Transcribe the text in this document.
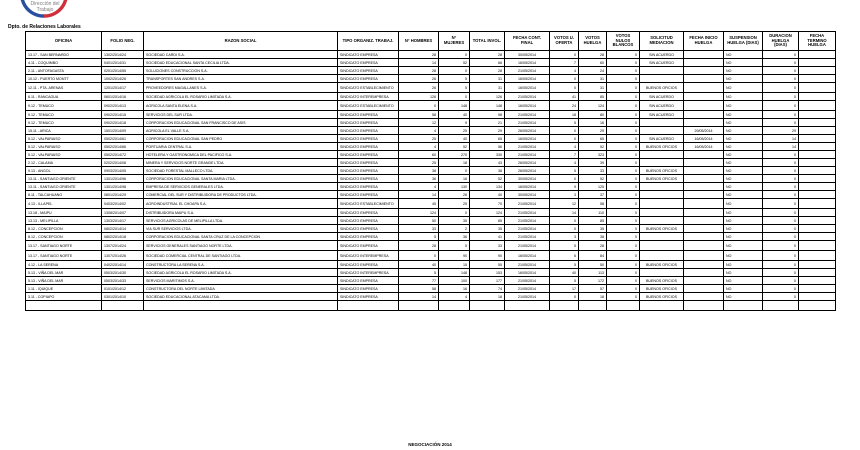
Dirección del
Trabajo
Dpto. de Relaciones Laborales
OFICINA	FOLIO NEG.	RAZON SOCIAL	TIPO ORGANIZ. TRABAJ.	N° HOMBRES	N° MUJERES	TOTAL INVOL.	FECHA CONT. FINAL	VOTOS U. OFERTA	VOTOS HUELGA	VOTOS NULOS BLANCOS	SOLICITUD MEDIACION	FECHA INICIO HUELGA	SUSPENSION HUELGA (DIAS)	DURACION HUELGA (DIAS)	FECHA TERMINO HUELGA
13.17 - SAN BERNARDO	1302/2014/24	SOCIEDAD CARDI S.A.	SINDICATO EMPRESA	28	0	28	30/05/2014	0	28	0	SIN ACUERDO		NO	0	
4.11 - COQUIMBO	0401/2014/31	SOCIEDAD EDUCACIONAL SANTA CECILIA LTDA.	SINDICATO EMPRESA	14	52	66	16/05/2014	7	60	0	SIN ACUERDO		NO	0	
2.11 - ANTOFAGASTA	0201/2014/55	SOLUCIONES CONSTRUCCION S.A.	SINDICATO EMPRESA	28	0	28	21/05/2014	4	24	0			NO	0	
10.12 - PUERTO MONTT	1002/2014/26	TRANSPORTES SAN ANDRES S.A.	SINDICATO EMPRESA	26	5	31	16/05/2014	0	31	0			NO	0	
12.11 - PTA. ARENAS	1201/2014/17	PROVEEDORES MAGALLANES S.A.	SINDICATO ESTABLECIMIENTO	26	5	31	16/05/2014	0	31	0	BUENOS OFICIOS		NO	0	
6.11 - RANCAGUA	0601/2014/16	SOCIEDAD AGRICOLA EL ROSARIO LIMITADA S.A.	SINDICATO INTEREMPRESA	126	0	126	21/05/2014	41	85	0	SIN ACUERDO		NO	0	
9.12 - TEMUCO	0902/2014/13	AGRICOLA SANTA ELENA S.A.	SINDICATO ESTABLECIMIENTO	0	148	148	16/05/2014	24	124	0	SIN ACUERDO		NO	0	
9.12 - TEMUCO	0902/2014/15	SERVICIOS DEL SUR LTDA.	SINDICATO EMPRESA	58	40	98	21/05/2014	18	80	0	SIN ACUERDO		NO	0	
9.12 - TEMUCO	0902/2014/18	CORPORACION EDUCACIONAL SAN FRANCISCO DE ASIS	SINDICATO EMPRESA	12	9	21	21/05/2014	5	16	0			NO	0	
15.11 - ARICA	1501/2014/09	AGRICOLA EL VALLE S.A.	SINDICATO EMPRESA	4	25	29	26/05/2014	0	29	0		29/05/2014	NO	29	
5.12 - VALPARAISO	0502/2014/61	CORPORACION EDUCACIONAL SAN PEDRO	SINDICATO EMPRESA	25	40	65	16/05/2014	0	65	0	SIN ACUERDO	16/05/2014	NO	14	
5.12 - VALPARAISO	0502/2014/66	PORTUARIA CENTRAL S.A.	SINDICATO EMPRESA	4	52	56	21/05/2014	4	52	0	BUENOS OFICIOS	16/05/2014	NO	14	
5.12 - VALPARAISO	0502/2014/72	HOTELERA Y GASTRONOMICA DEL PACIFICO S.A.	SINDICATO EMPRESA	60	270	330	21/05/2014	7	323	0			NO	0	
2.12 - CALAMA	0202/2014/08	MINERA Y SERVICIOS NORTE GRANDE LTDA.	SINDICATO EMPRESA	25	18	43	26/05/2014	4	39	0			NO	0	
9.13 - ANGOL	0903/2014/05	SOCIEDAD FORESTAL MALLECO LTDA.	SINDICATO EMPRESA	38	0	38	26/05/2014	5	33	0	BUENOS OFICIOS		NO	0	
13.11 - SANTIAGO ORIENTE	1301/2014/96	CORPORACION EDUCACIONAL SANTA MARIA LTDA.	SINDICATO EMPRESA	36	16	52	30/05/2014	0	52	0	BUENOS OFICIOS		NO	0	
13.11 - SANTIAGO ORIENTE	1301/2014/98	EMPRESA DE SERVICIOS GENERALES LTDA.	SINDICATO EMPRESA	4	130	134	16/05/2014	9	125	0			NO	0	
8.11 - TALCAHUANO	0801/2014/29	COMERCIAL DEL SUR Y DISTRIBUIDORA DE PRODUCTOS LTDA.	SINDICATO EMPRESA	14	26	40	30/05/2014	3	37	0			NO	0	
4.13 - ILLAPEL	0403/2014/02	AGROINDUSTRIAL EL CHOAPA S.A.	SINDICATO ESTABLECIMIENTO	45	25	70	21/05/2014	12	58	0			NO	0	
13.18 - MAIPU	1308/2014/07	DISTRIBUIDORA MAIPU S.A.	SINDICATO EMPRESA	124	0	124	21/05/2014	14	110	0			NO	0	
13.13 - MELIPILLA	1303/2014/17	SERVICIOS AGRICOLAS DE MELIPILLA LTDA.	SINDICATO EMPRESA	50	35	85	21/05/2014	0	85	0			NO	0	
8.12 - CONCEPCION	0802/2014/14	VIA SUR SERVICIOS LTDA.	SINDICATO EMPRESA	33	2	35	21/05/2014	0	35	0	BUENOS OFICIOS		NO	0	
8.12 - CONCEPCION	0802/2014/18	CORPORACION EDUCACIONAL SANTA CRUZ DE LA CONCEPCION	SINDICATO EMPRESA	5	36	41	21/05/2014	3	38	0			NO	0	
13.17 - SANTIAGO NORTE	1307/2014/24	SERVICIOS GENERALES SANTIAGO NORTE LTDA.	SINDICATO EMPRESA	28	5	33	21/05/2014	5	28	0			NO	0	
13.17 - SANTIAGO NORTE	1307/2014/26	SOCIEDAD COMERCIAL CENTRAL DE SANTIAGO LTDA.	SINDICATO INTEREMPRESA	0	90	90	16/05/2014	6	84	0			NO	0	
4.12 - LA SERENA	0402/2014/14	CONSTRUCTORA LA SERENA S.A.	SINDICATO EMPRESA	40	15	55	21/05/2014	5	50	0	BUENOS OFICIOS		NO	0	
5.13 - VIÑA DEL MAR	0503/2014/30	SOCIEDAD AGRICOLA EL ROSARIO LIMITADA S.A.	SINDICATO INTEREMPRESA	5	148	153	16/05/2014	40	113	0			NO	0	
5.13 - VIÑA DEL MAR	0503/2014/33	SERVICIOS MARITIMOS S.A.	SINDICATO EMPRESA	77	100	177	21/05/2014	5	172	0	BUENOS OFICIOS		NO	0	
1.11 - IQUIQUE	0101/2014/12	CONSTRUCTORA DEL NORTE LIMITADA	SINDICATO EMPRESA	58	16	74	21/05/2014	17	57	0	BUENOS OFICIOS		NO	0	
3.11 - COPIAPO	0301/2014/10	SOCIEDAD EDUCACIONAL ATACAMA LTDA.	SINDICATO EMPRESA	14	4	18	21/05/2014	0	18	0	BUENOS OFICIOS		NO	0	

NEGOCIACIÓN 2014
